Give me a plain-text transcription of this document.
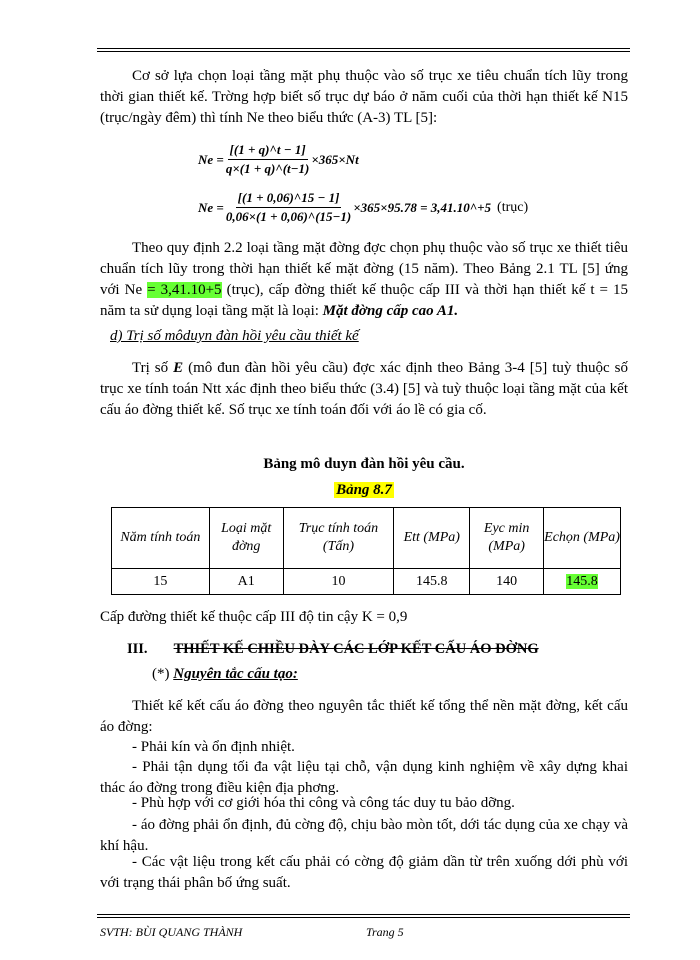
Cơ sở lựa chọn loại tầng mặt phụ thuộc vào số trục xe tiêu chuẩn tích lũy trong thời gian thiết kế. Trờng hợp biết số trục dự báo ở năm cuối của thời hạn thiết kế N15 (trục/ngày đêm) thì tính Ne theo biểu thức (A-3) TL [5]:

$Ne = \frac{[(1 + q)\^{}t - 1]}{q\times(1 + q)\^{}(t-1)} \times 365\times Nt$
$Ne = \frac{[(1 + 0,06)\^{}15 - 1]}{0,06\times(1 + 0,06)\^{}(15-1)} \times 365\times 95.78$ = 3,41.10^+5 (trục)

Theo quy định 2.2 loại tầng mặt đờng đợc chọn phụ thuộc vào số trục xe thiết tiêu chuẩn tích lũy trong thời hạn thiết kế mặt đờng (15 năm). Theo Bảng 2.1 TL [5] ứng với Ne = 3,41.10+5 (trục), cấp đờng thiết kế thuộc cấp III và thời hạn thiết kế t = 15 năm ta sử dụng loại tầng mặt là loại: Mặt đờng cấp cao A1.

d) Trị số môduyn đàn hồi yêu cầu thiết kế

Trị số E (mô đun đàn hồi yêu cầu) đợc xác định theo Bảng 3-4 [5] tuỳ thuộc số trục xe tính toán Ntt xác định theo biểu thức (3.4) [5] và tuỳ thuộc loại tầng mặt của kết cấu áo đờng thiết kế. Số trục xe tính toán đối với áo lề có gia cố.

Bảng mô duyn đàn hồi yêu cầu.
Bảng 8.7
Năm tính toán	Loại mặt đờng	Trục tính toán (Tấn)	Ett (MPa)	Eyc min (MPa)	Echọn (MPa)
15	A1	10	145.8	140	145.8

Cấp đường thiết kế thuộc cấp III độ tin cậy K = 0,9

III. THIẾT KẾ CHIỀU DÀY CÁC LỚP KẾT CẤU ÁO ĐỜNG

(*) Nguyên tắc cấu tạo:

Thiết kế kết cấu áo đờng theo nguyên tắc thiết kế tổng thể nền mặt đờng, kết cấu áo đờng:

- Phải kín và ổn định nhiệt.

- Phải tận dụng tối đa vật liệu tại chỗ, vận dụng kinh nghiệm về xây dựng khai thác áo đờng trong điều kiện địa phơng.

- Phù hợp với cơ giới hóa thi công và công tác duy tu bảo dỡng.

- áo đờng phải ổn định, đủ cờng độ, chịu bào mòn tốt, dới tác dụng của xe chạy và khí hậu.

- Các vật liệu trong kết cấu phải có cờng độ giảm dần từ trên xuống dới phù với với trạng thái phân bố ứng suất.

SVTH: BÙI QUANG THÀNH	Trang 5
